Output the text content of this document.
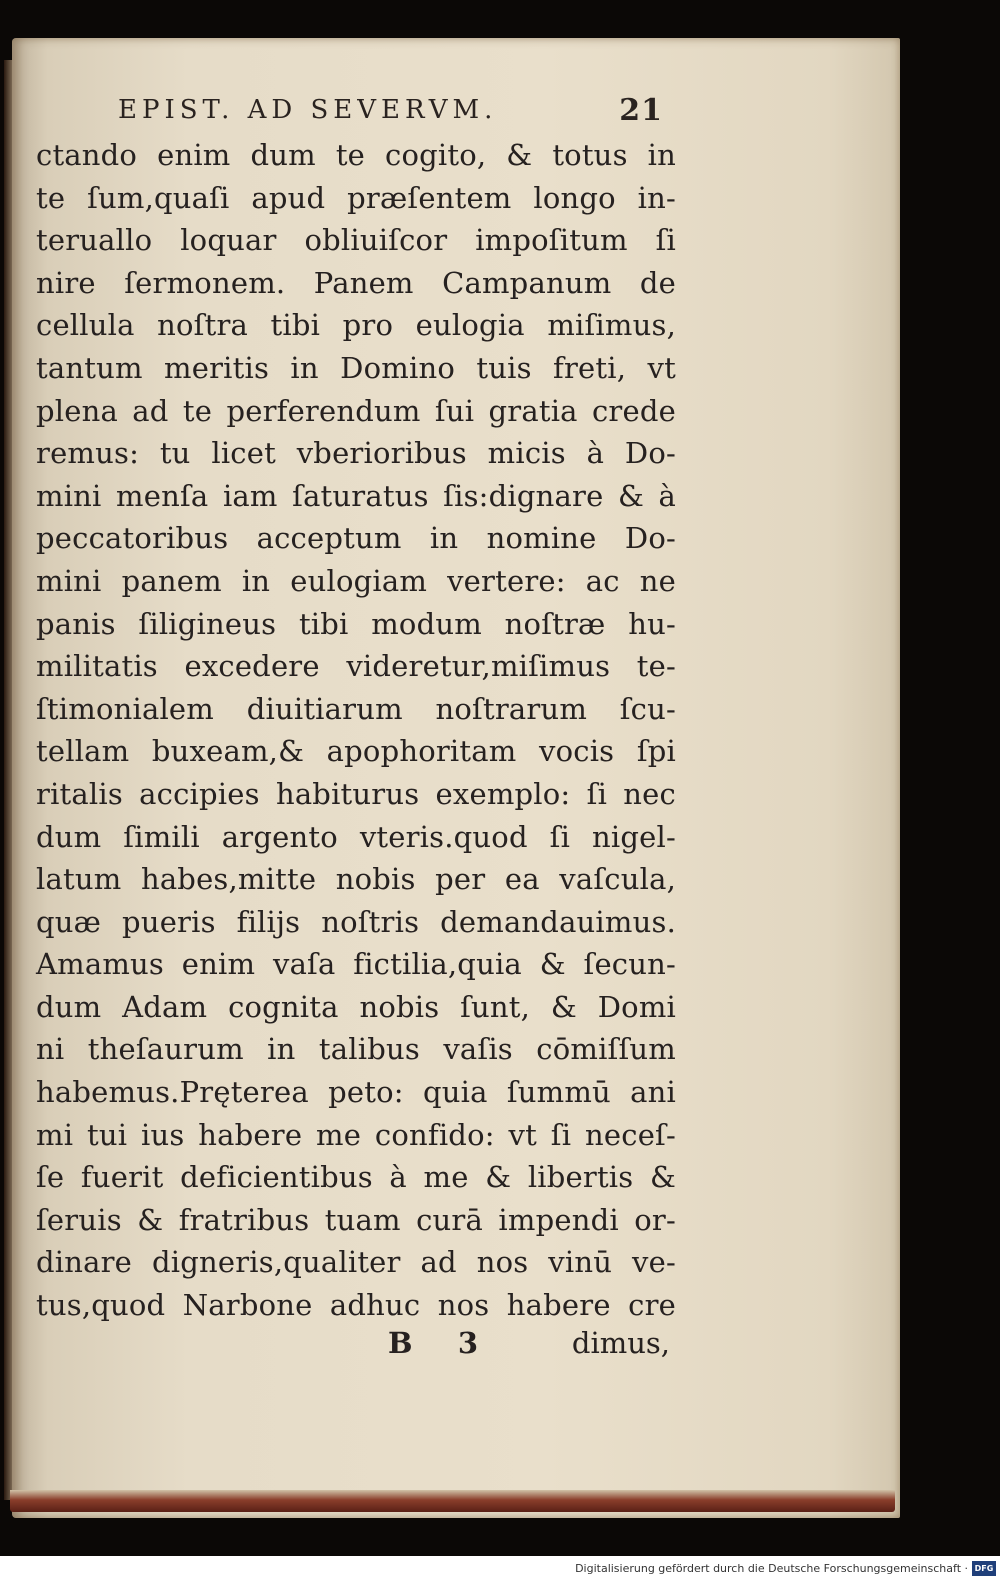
EPIST. AD SEVERVM.	21
ctando enim dum te cogito, & totus in
te ſum,quaſi apud præſentem longo in-
teruallo loquar obliuiſcor impoſitum ſi
nire ſermonem. Panem Campanum de
cellula noſtra tibi pro eulogia miſimus,
tantum meritis in Domino tuis freti, vt
plena ad te perferendum ſui gratia crede
remus: tu licet vberioribus micis à Do-
mini menſa iam ſaturatus ſis:dignare & à
peccatoribus acceptum in nomine Do-
mini panem in eulogiam vertere: ac ne
panis ſiligineus tibi modum noſtræ hu-
militatis excedere videretur,miſimus te-
ſtimonialem diuitiarum noſtrarum ſcu-
tellam buxeam,& apophoritam vocis ſpi
ritalis accipies habiturus exemplo: ſi nec
dum ſimili argento vteris.quod ſi nigel-
latum habes,mitte nobis per ea vaſcula,
quæ pueris filijs noſtris demandauimus.
Amamus enim vaſa fictilia,quia & ſecun-
dum Adam cognita nobis ſunt, & Domi
ni theſaurum in talibus vaſis cōmiſſum
habemus.Pręterea peto: quia ſummū ani
mi tui ius habere me confido: vt ſi neceſ-
ſe fuerit deficientibus à me & libertis &
ſeruis & fratribus tuam curā impendi or-
dinare digneris,qualiter ad nos vinū ve-
tus,quod Narbone adhuc nos habere cre
B 3	dimus,
Digitalisierung gefördert durch die Deutsche Forschungsgemeinschaft · DFG
